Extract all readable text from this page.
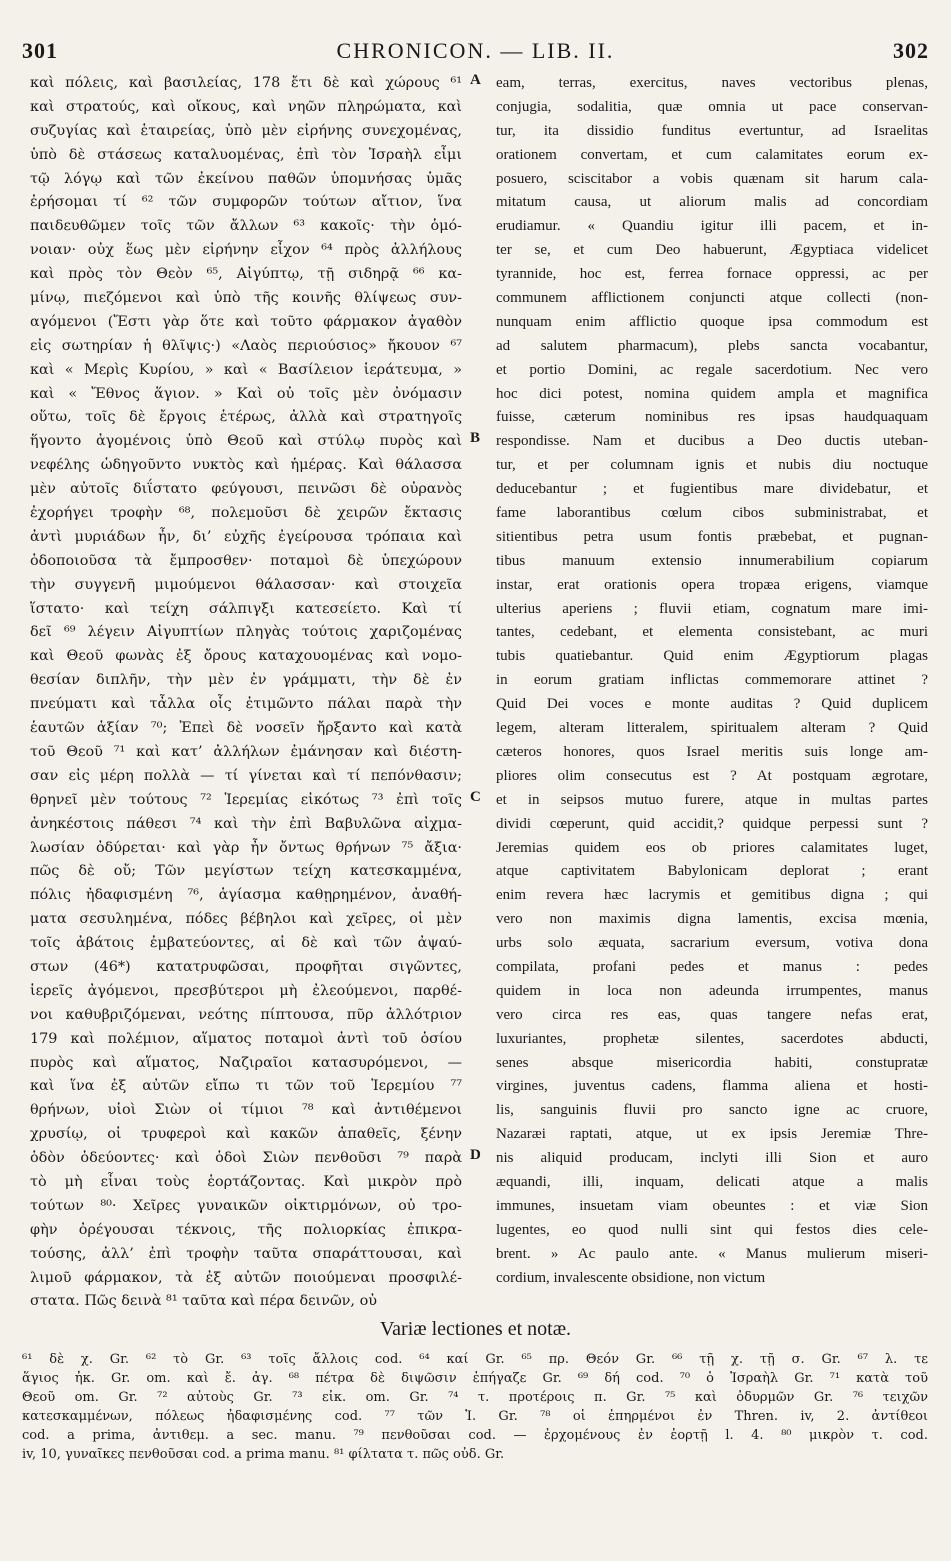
301	CHRONICON. — LIB. II.	302
καὶ πόλεις, καὶ βασιλείας, 178 ἔτι δὲ καὶ χώρους ⁶¹
καὶ στρατούς, καὶ οἴκους, καὶ νηῶν πληρώματα, καὶ
συζυγίας καὶ ἑταιρείας, ὑπὸ μὲν εἰρήνης συνεχομένας,
ὑπὸ δὲ στάσεως καταλυομένας, ἐπὶ τὸν Ἰσραὴλ εἶμι
τῷ λόγῳ καὶ τῶν ἐκείνου παθῶν ὑπομνήσας ὑμᾶς
ἐρήσομαι τί ⁶² τῶν συμφορῶν τούτων αἴτιον, ἵνα
παιδευθῶμεν τοῖς τῶν ἄλλων ⁶³ κακοῖς· τὴν ὁμό-
νοιαν· οὐχ ἕως μὲν εἰρήνην εἶχον ⁶⁴ πρὸς ἀλλήλους
καὶ πρὸς τὸν Θεὸν ⁶⁵, Αἰγύπτῳ, τῇ σιδηρᾷ ⁶⁶ κα-
μίνῳ, πιεζόμενοι καὶ ὑπὸ τῆς κοινῆς θλίψεως συν-
αγόμενοι (Ἔστι γὰρ ὅτε καὶ τοῦτο φάρμακον ἀγαθὸν
εἰς σωτηρίαν ἡ θλῖψις·) «Λαὸς περιούσιος» ἤκουον ⁶⁷
καὶ « Μερὶς Κυρίου, » καὶ « Βασίλειον ἱεράτευμα, »
καὶ « Ἔθνος ἅγιον. » Καὶ οὐ τοῖς μὲν ὀνόμασιν
οὕτω, τοῖς δὲ ἔργοις ἑτέρως, ἀλλὰ καὶ στρατηγοῖς
ἥγοντο ἀγομένοις ὑπὸ Θεοῦ καὶ στύλῳ πυρὸς καὶ
νεφέλης ὡδηγοῦντο νυκτὸς καὶ ἡμέρας. Καὶ θάλασσα
μὲν αὐτοῖς διΐστατο φεύγουσι, πεινῶσι δὲ οὐρανὸς
ἐχορήγει τροφὴν ⁶⁸, πολεμοῦσι δὲ χειρῶν ἔκτασις
ἀντὶ μυριάδων ἦν, δι’ εὐχῆς ἐγείρουσα τρόπαια καὶ
ὁδοποιοῦσα τὰ ἔμπροσθεν· ποταμοὶ δὲ ὑπεχώρουν
τὴν συγγενῆ μιμούμενοι θάλασσαν· καὶ στοιχεῖα
ἵστατο· καὶ τείχη σάλπιγξι κατεσείετο. Καὶ τί
δεῖ ⁶⁹ λέγειν Αἰγυπτίων πληγὰς τούτοις χαριζομένας
καὶ Θεοῦ φωνὰς ἐξ ὄρους καταχουομένας καὶ νομο-
θεσίαν διπλῆν, τὴν μὲν ἐν γράμματι, τὴν δὲ ἐν
πνεύματι καὶ τἆλλα οἷς ἐτιμῶντο πάλαι παρὰ τὴν
ἑαυτῶν ἀξίαν ⁷⁰; Ἐπεὶ δὲ νοσεῖν ἤρξαντο καὶ κατὰ
τοῦ Θεοῦ ⁷¹ καὶ κατ’ ἀλλήλων ἐμάνησαν καὶ διέστη-
σαν εἰς μέρη πολλὰ — τί γίνεται καὶ τί πεπόνθασιν;
θρηνεῖ μὲν τούτους ⁷² Ἱερεμίας εἰκότως ⁷³ ἐπὶ τοῖς
ἀνηκέστοις πάθεσι ⁷⁴ καὶ τὴν ἐπὶ Βαβυλῶνα αἰχμα-
λωσίαν ὀδύρεται· καὶ γὰρ ἦν ὄντως θρήνων ⁷⁵ ἄξια·
πῶς δὲ οὔ; Τῶν μεγίστων τείχη κατεσκαμμένα,
πόλις ἠδαφισμένη ⁷⁶, ἁγίασμα καθῃρημένον, ἀναθή-
ματα σεσυλημένα, πόδες βέβηλοι καὶ χεῖρες, οἱ μὲν
τοῖς ἀβάτοις ἐμβατεύοντες, αἱ δὲ καὶ τῶν ἀψαύ-
στων (46*) κατατρυφῶσαι, προφῆται σιγῶντες,
ἱερεῖς ἀγόμενοι, πρεσβύτεροι μὴ ἐλεούμενοι, παρθέ-
νοι καθυβριζόμεναι, νεότης πίπτουσα, πῦρ ἀλλότριον
179 καὶ πολέμιον, αἵματος ποταμοὶ ἀντὶ τοῦ ὁσίου
πυρὸς καὶ αἵματος, Ναζιραῖοι κατασυρόμενοι, —
καὶ ἵνα ἐξ αὐτῶν εἴπω τι τῶν τοῦ Ἱερεμίου ⁷⁷
θρήνων, υἱοὶ Σιὼν οἱ τίμιοι ⁷⁸ καὶ ἀντιθέμενοι
χρυσίῳ, οἱ τρυφεροὶ καὶ κακῶν ἀπαθεῖς, ξένην
ὁδὸν ὁδεύοντες· καὶ ὁδοὶ Σιὼν πενθοῦσι ⁷⁹ παρὰ
τὸ μὴ εἶναι τοὺς ἑορτάζοντας. Καὶ μικρὸν πρὸ
τούτων ⁸⁰· Χεῖρες γυναικῶν οἰκτιρμόνων, οὐ τρο-
φὴν ὀρέγουσαι τέκνοις, τῆς πολιορκίας ἐπικρα-
τούσης, ἀλλ’ ἐπὶ τροφὴν ταῦτα σπαράττουσαι, καὶ
λιμοῦ φάρμακον, τὰ ἐξ αὐτῶν ποιούμεναι προσφιλέ-
στατα. Πῶς δεινὰ ⁸¹ ταῦτα καὶ πέρα δεινῶν, οὐ
eam, terras, exercitus, naves vectoribus plenas,
conjugia, sodalitia, quæ omnia ut pace conservan-
tur, ita dissidio funditus evertuntur, ad Israelitas
orationem convertam, et cum calamitates eorum ex-
posuero, sciscitabor a vobis quænam sit harum cala-
mitatum causa, ut aliorum malis ad concordiam
erudiamur. « Quandiu igitur illi pacem, et in-
ter se, et cum Deo habuerunt, Ægyptiaca videlicet
tyrannide, hoc est, ferrea fornace oppressi, ac per
communem afflictionem conjuncti atque collecti (non-
nunquam enim afflictio quoque ipsa commodum est
ad salutem pharmacum), plebs sancta vocabantur,
et portio Domini, ac regale sacerdotium. Nec vero
hoc dici potest, nomina quidem ampla et magnifica
fuisse, cæterum nominibus res ipsas haudquaquam
respondisse. Nam et ducibus a Deo ductis uteban-
tur, et per columnam ignis et nubis diu noctuque
deducebantur ; et fugientibus mare dividebatur, et
fame laborantibus cœlum cibos subministrabat, et
sitientibus petra usum fontis præbebat, et pugnan-
tibus manuum extensio innumerabilium copiarum
instar, erat orationis opera tropæa erigens, viamque
ulterius aperiens ; fluvii etiam, cognatum mare imi-
tantes, cedebant, et elementa consistebant, ac muri
tubis quatiebantur. Quid enim Ægyptiorum plagas
in eorum gratiam inflictas commemorare attinet ?
Quid Dei voces e monte auditas ? Quid duplicem
legem, alteram litteralem, spiritualem alteram ? Quid
cæteros honores, quos Israel meritis suis longe am-
pliores olim consecutus est ? At postquam ægrotare,
et in seipsos mutuo furere, atque in multas partes
dividi cœperunt, quid accidit,? quidque perpessi sunt ?
Jeremias quidem eos ob priores calamitates luget,
atque captivitatem Babylonicam deplorat ; erant
enim revera hæc lacrymis et gemitibus digna ; qui
vero non maximis digna lamentis, excisa mœnia,
urbs solo æquata, sacrarium eversum, votiva dona
compilata, profani pedes et manus : pedes
quidem in loca non adeunda irrumpentes, manus
vero circa res eas, quas tangere nefas erat,
luxuriantes, prophetæ silentes, sacerdotes abducti,
senes absque misericordia habiti, constupratæ
virgines, juventus cadens, flamma aliena et hosti-
lis, sanguinis fluvii pro sancto igne ac cruore,
Nazaræi raptati, atque, ut ex ipsis Jeremiæ Thre-
nis aliquid producam, inclyti illi Sion et auro
æquandi, illi, inquam, delicati atque a malis
immunes, insuetam viam obeuntes : et viæ Sion
lugentes, eo quod nulli sint qui festos dies cele-
brent. » Ac paulo ante. « Manus mulierum miseri-
cordium, invalescente obsidione, non victum
A
B
C
D
Variæ lectiones et notæ.
⁶¹ δὲ χ. Gr. ⁶² τὸ Gr. ⁶³ τοῖς ἄλλοις cod. ⁶⁴ καί Gr. ⁶⁵ πρ. Θεόν Gr. ⁶⁶ τῇ χ. τῇ σ. Gr. ⁶⁷ λ. τε
ἅγιος ἠκ. Gr. om. καὶ ἔ. ἀγ. ⁶⁸ πέτρα δὲ διψῶσιν ἐπήγαζε Gr. ⁶⁹ δή cod. ⁷⁰ ὁ Ἰσραὴλ Gr. ⁷¹ κατὰ τοῦ
Θεοῦ om. Gr. ⁷² αὐτοὺς Gr. ⁷³ εἰκ. om. Gr. ⁷⁴ τ. προτέροις π. Gr. ⁷⁵ καὶ ὀδυρμῶν Gr. ⁷⁶ τειχῶν
κατεσκαμμένων, πόλεως ἠδαφισμένης cod. ⁷⁷ τῶν Ἱ. Gr. ⁷⁸ οἱ ἐπηρμένοι ἐν Thren. iv, 2. ἀντίθεοι
cod. a prima, ἀντιθεμ. a sec. manu. ⁷⁹ πενθοῦσαι cod. — ἐρχομένους ἐν ἑορτῇ l. 4. ⁸⁰ μικρὸν τ. cod.
iv, 10, γυναῖκες πενθοῦσαι cod. a prima manu. ⁸¹ φίλτατα τ. πῶς οὐδ. Gr.
